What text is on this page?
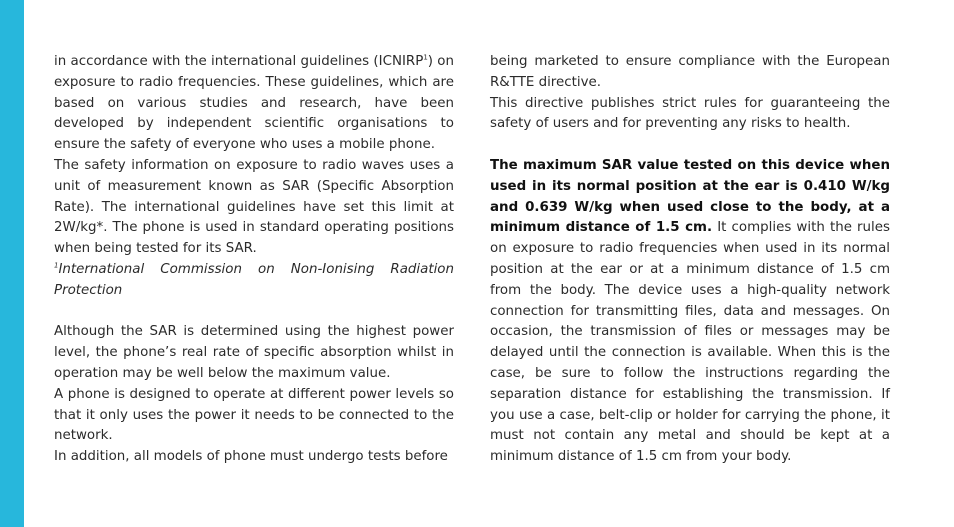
in accordance with the international guidelines (ICNIRP$^1$) on exposure to radio frequencies. These guidelines, which are based on various studies and research, have been developed by independent scientific organisations to ensure the safety of everyone who uses a mobile phone.

The safety information on exposure to radio waves uses a unit of measurement known as SAR (Specific Absorption Rate). The international guidelines have set this limit at 2W/kg*. The phone is used in standard operating positions when being tested for its SAR.

$^1$International Commission on Non-Ionising Radiation Protection

Although the SAR is determined using the highest power level, the phone’s real rate of specific absorption whilst in operation may be well below the maximum value.

A phone is designed to operate at different power levels so that it only uses the power it needs to be connected to the network.

In addition, all models of phone must undergo tests before

being marketed to ensure compliance with the European R&TTE directive.

This directive publishes strict rules for guaranteeing the safety of users and for preventing any risks to health.

The maximum SAR value tested on this device when used in its normal position at the ear is 0.410 W/kg and 0.639 W/kg when used close to the body, at a minimum distance of 1.5 cm. It complies with the rules on exposure to radio frequencies when used in its normal position at the ear or at a minimum distance of 1.5 cm from the body. The device uses a high-quality network connection for transmitting files, data and messages. On occasion, the transmission of files or messages may be delayed until the connection is available. When this is the case, be sure to follow the instructions regarding the separation distance for establishing the transmission. If you use a case, belt-clip or holder for carrying the phone, it must not contain any metal and should be kept at a minimum distance of 1.5 cm from your body.
